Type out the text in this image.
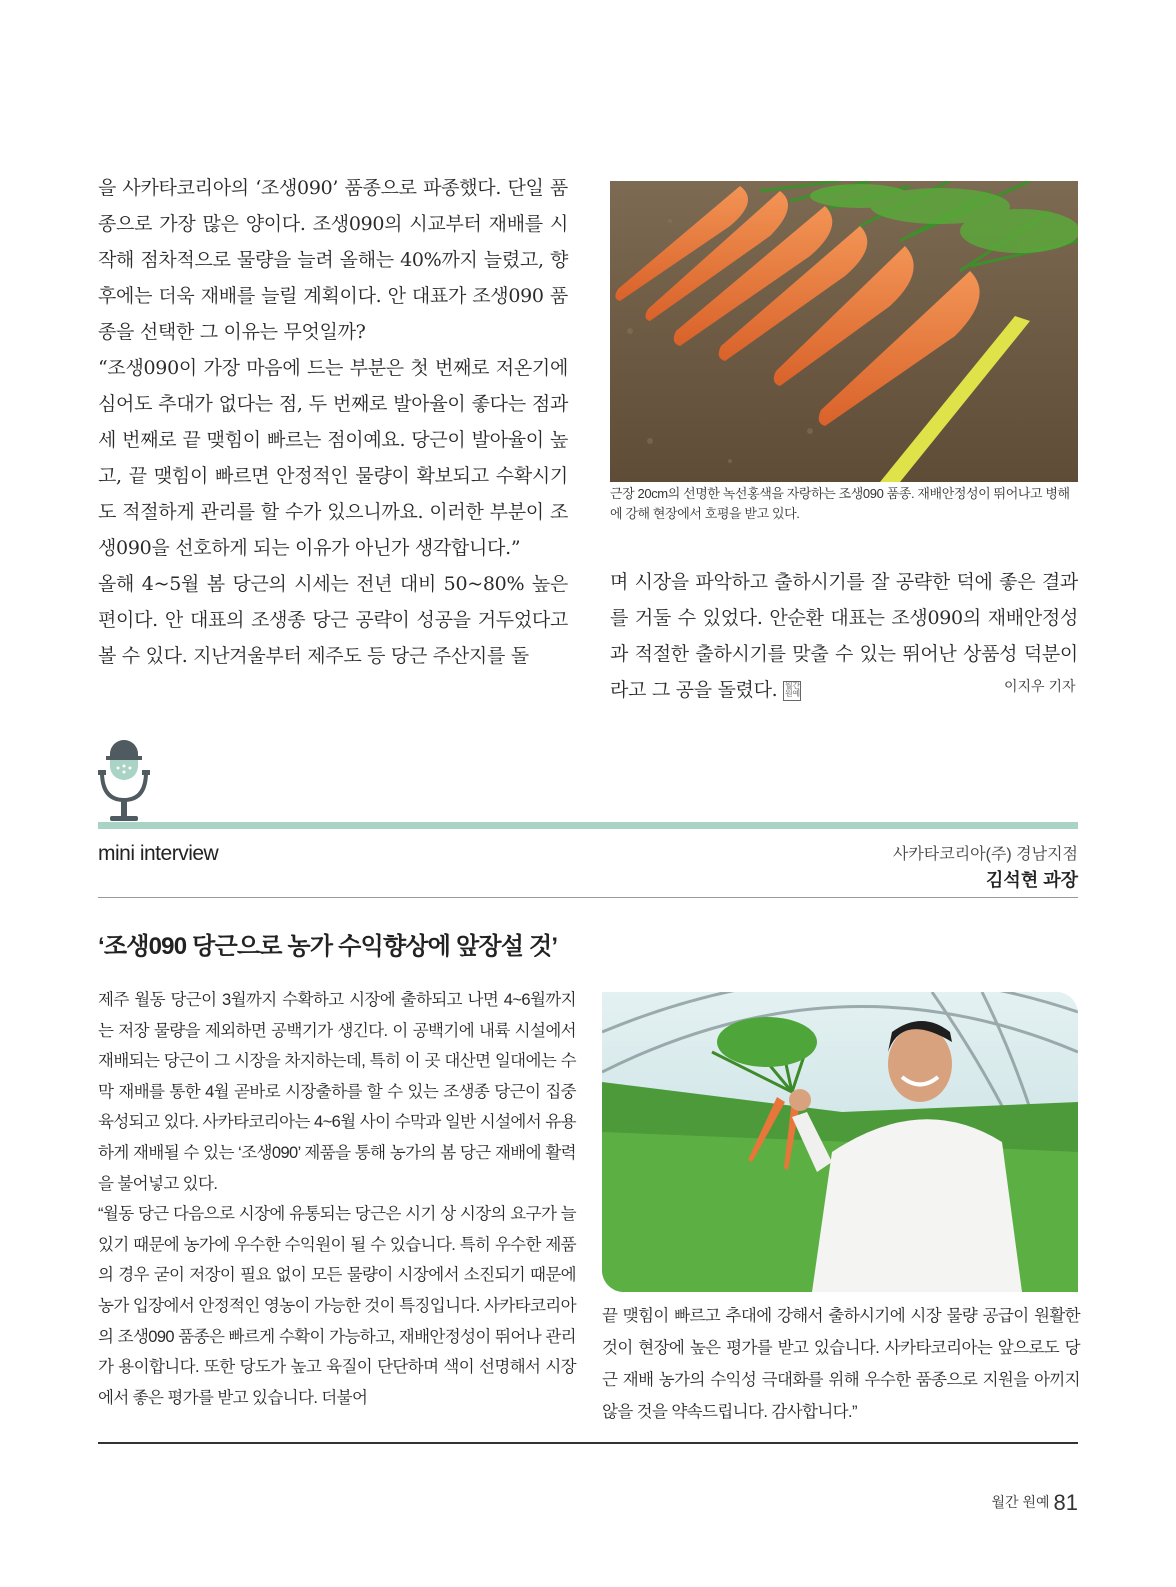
을 사카타코리아의 ‘조생090’ 품종으로 파종했다. 단일 품종으로 가장 많은 양이다. 조생090의 시교부터 재배를 시작해 점차적으로 물량을 늘려 올해는 40%까지 늘렸고, 향후에는 더욱 재배를 늘릴 계획이다. 안 대표가 조생090 품종을 선택한 그 이유는 무엇일까?

“조생090이 가장 마음에 드는 부분은 첫 번째로 저온기에 심어도 추대가 없다는 점, 두 번째로 발아율이 좋다는 점과 세 번째로 끝 맺힘이 빠르는 점이예요. 당근이 발아율이 높고, 끝 맺힘이 빠르면 안정적인 물량이 확보되고 수확시기도 적절하게 관리를 할 수가 있으니까요. 이러한 부분이 조생090을 선호하게 되는 이유가 아닌가 생각합니다.”

올해 4~5월 봄 당근의 시세는 전년 대비 50~80% 높은 편이다. 안 대표의 조생종 당근 공략이 성공을 거두었다고 볼 수 있다. 지난겨울부터 제주도 등 당근 주산지를 돌

근장 20cm의 선명한 녹선홍색을 자랑하는 조생090 품종. 재배안정성이 뛰어나고 병해에 강해 현장에서 호평을 받고 있다.

며 시장을 파악하고 출하시기를 잘 공략한 덕에 좋은 결과를 거둘 수 있었다. 안순환 대표는 조생090의 재배안정성과 적절한 출하시기를 맞출 수 있는 뛰어난 상품성 덕분이라고 그 공을 돌렸다. 월간원예	이지우 기자
mini interview	사카타코리아(주) 경남지점
김석현 과장
‘조생090 당근으로 농가 수익향상에 앞장설 것’

제주 월동 당근이 3월까지 수확하고 시장에 출하되고 나면 4~6월까지는 저장 물량을 제외하면 공백기가 생긴다. 이 공백기에 내륙 시설에서 재배되는 당근이 그 시장을 차지하는데, 특히 이 곳 대산면 일대에는 수막 재배를 통한 4월 곧바로 시장출하를 할 수 있는 조생종 당근이 집중 육성되고 있다. 사카타코리아는 4~6월 사이 수막과 일반 시설에서 유용하게 재배될 수 있는 ‘조생090’ 제품을 통해 농가의 봄 당근 재배에 활력을 불어넣고 있다.

“월동 당근 다음으로 시장에 유통되는 당근은 시기 상 시장의 요구가 늘 있기 때문에 농가에 우수한 수익원이 될 수 있습니다. 특히 우수한 제품의 경우 굳이 저장이 필요 없이 모든 물량이 시장에서 소진되기 때문에 농가 입장에서 안정적인 영농이 가능한 것이 특징입니다. 사카타코리아의 조생090 품종은 빠르게 수확이 가능하고, 재배안정성이 뛰어나 관리가 용이합니다. 또한 당도가 높고 육질이 단단하며 색이 선명해서 시장에서 좋은 평가를 받고 있습니다. 더불어

끝 맺힘이 빠르고 추대에 강해서 출하시기에 시장 물량 공급이 원활한 것이 현장에 높은 평가를 받고 있습니다. 사카타코리아는 앞으로도 당근 재배 농가의 수익성 극대화를 위해 우수한 품종으로 지원을 아끼지 않을 것을 약속드립니다. 감사합니다.”

월간 원예 81
